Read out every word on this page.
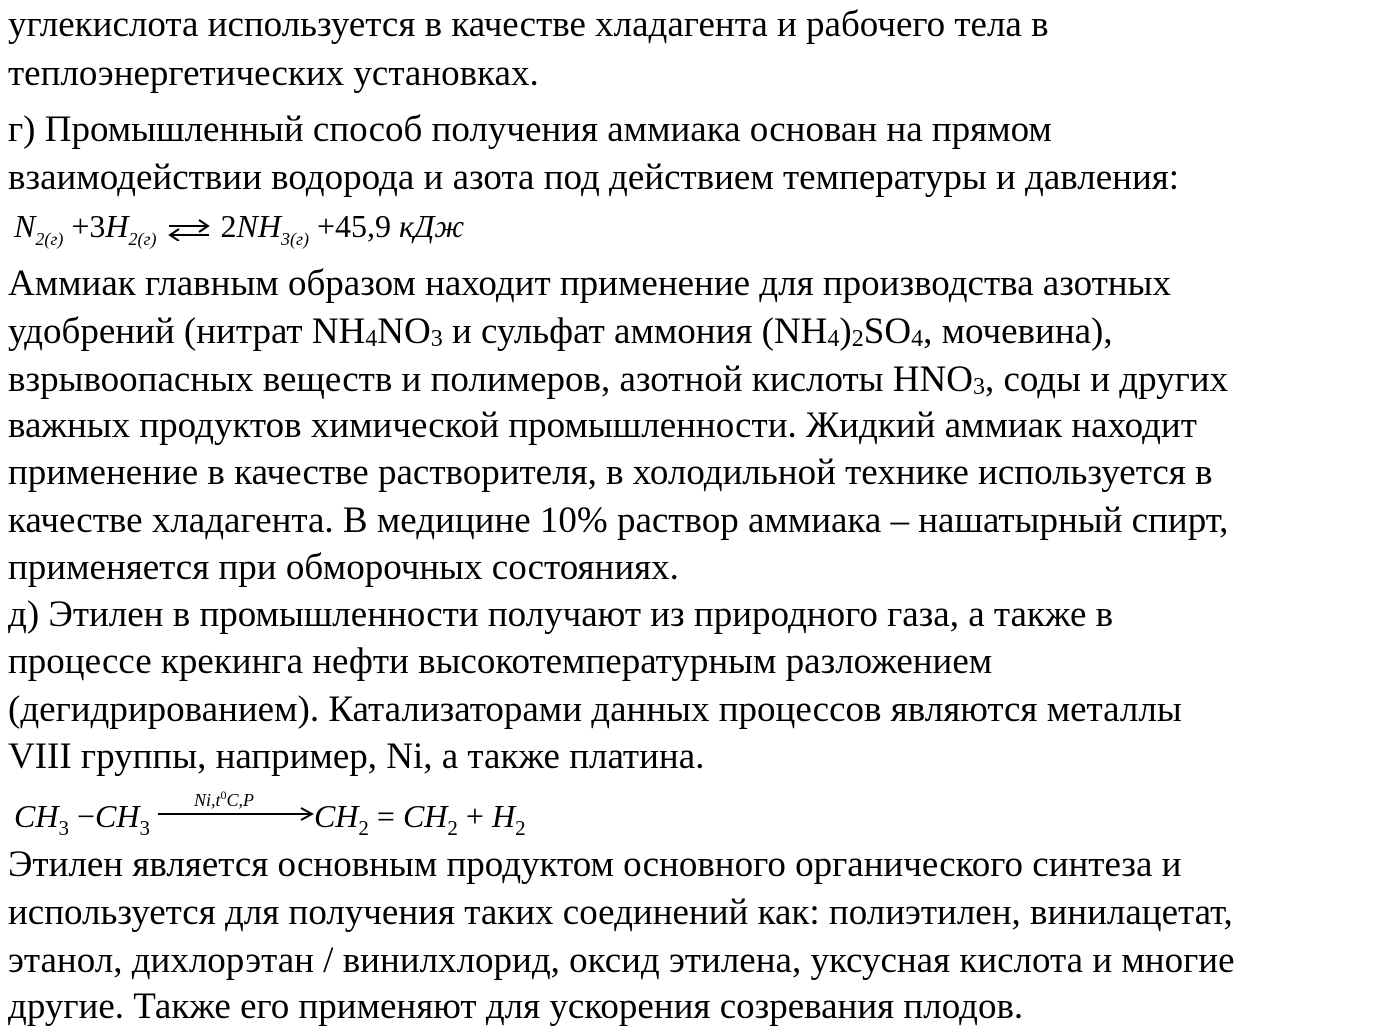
углекислота используется в качестве хладагента и рабочего тела в
теплоэнергетических установках.
г) Промышленный способ получения аммиака основан на прямом
взаимодействии водорода и азота под действием температуры и давления:
$N_{2(г)} +3H_{2(г)}$ ⇌ $2NH_{3(г)} +45,9$ кДж
Аммиак главным образом находит применение для производства азотных
удобрений (нитрат NH4NO3 и сульфат аммония (NH4)2SO4, мочевина),
взрывоопасных веществ и полимеров, азотной кислоты HNO3, соды и других
важных продуктов химической промышленности. Жидкий аммиак находит
применение в качестве растворителя, в холодильной технике используется в
качестве хладагента. В медицине 10% раствор аммиака – нашатырный спирт,
применяется при обморочных состояниях.
д) Этилен в промышленности получают из природного газа, а также в
процессе крекинга нефти высокотемпературным разложением
(дегидрированием). Катализаторами данных процессов являются металлы
VIII группы, например, Ni, а также платина.
$CH_3 -CH_3$
$Ni,t^0C,P$ $CH_2 = CH_2 + H_2$
Этилен является основным продуктом основного органического синтеза и
используется для получения таких соединений как: полиэтилен, винилацетат,
этанол, дихлорэтан / винилхлорид, оксид этилена, уксусная кислота и многие
другие. Также его применяют для ускорения созревания плодов.
